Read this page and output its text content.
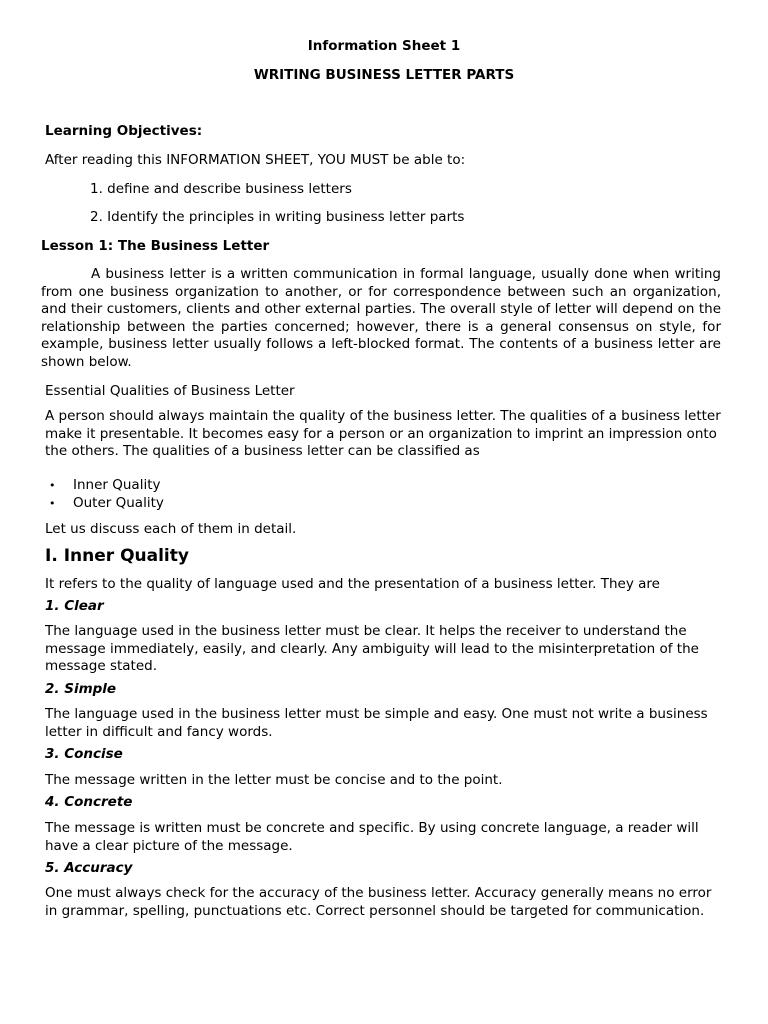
Information Sheet 1
WRITING BUSINESS LETTER PARTS
Learning Objectives:
After reading this INFORMATION SHEET, YOU MUST be able to:
1. define and describe business letters
2. Identify the principles in writing business letter parts
Lesson 1: The Business Letter
A business letter is a written communication in formal language, usually done when writing from one business organization to another, or for correspondence between such an organization, and their customers, clients and other external parties. The overall style of letter will depend on the relationship between the parties concerned; however, there is a general consensus on style, for example, business letter usually follows a left-blocked format. The contents of a business letter are shown below.
Essential Qualities of Business Letter
A person should always maintain the quality of the business letter. The qualities of a business letter make it presentable. It becomes easy for a person or an organization to imprint an impression onto the others. The qualities of a business letter can be classified as
• Inner Quality
• Outer Quality
Let us discuss each of them in detail.
I. Inner Quality
It refers to the quality of language used and the presentation of a business letter. They are
1. Clear
The language used in the business letter must be clear. It helps the receiver to understand the message immediately, easily, and clearly. Any ambiguity will lead to the misinterpretation of the message stated.
2. Simple
The language used in the business letter must be simple and easy. One must not write a business letter in difficult and fancy words.
3. Concise
The message written in the letter must be concise and to the point.
4. Concrete
The message is written must be concrete and specific. By using concrete language, a reader will have a clear picture of the message.
5. Accuracy
One must always check for the accuracy of the business letter. Accuracy generally means no error in grammar, spelling, punctuations etc. Correct personnel should be targeted for communication.
